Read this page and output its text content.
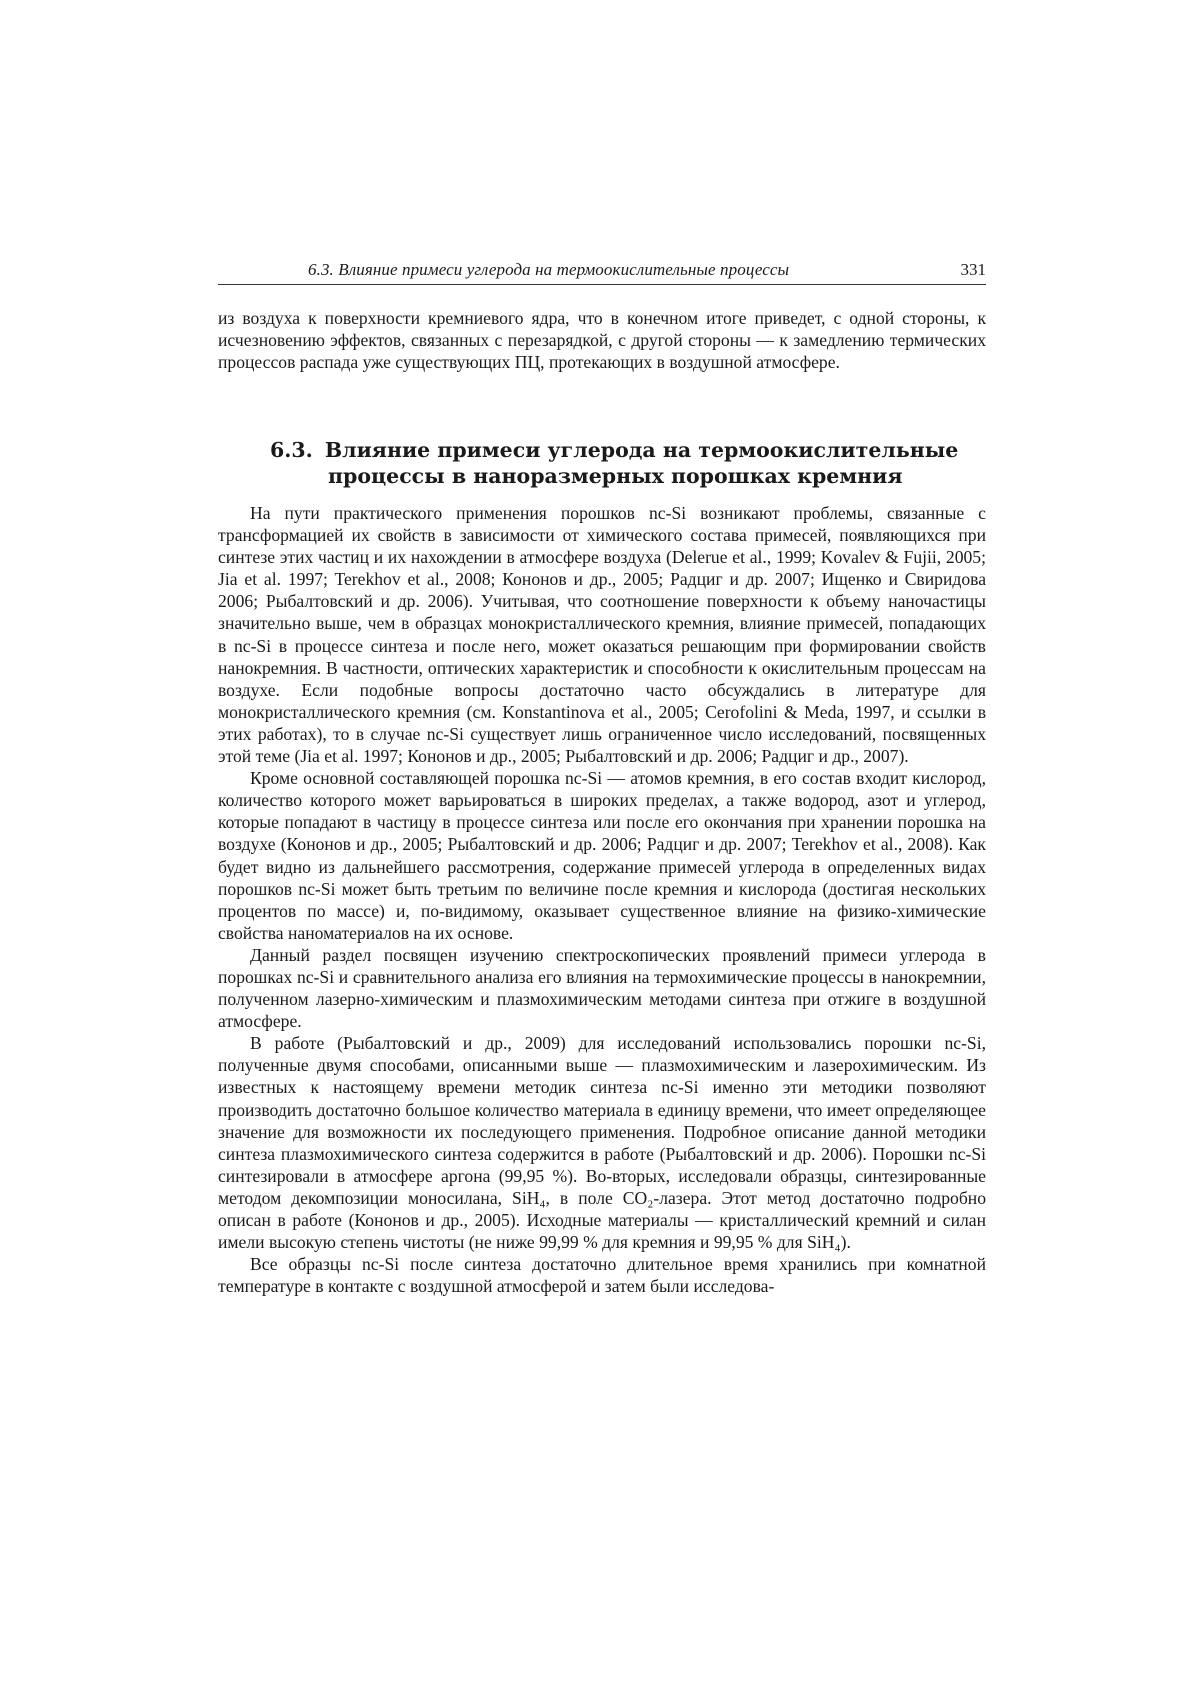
6.3. Влияние примеси углерода на термоокислительные процессы	331

из воздуха к поверхности кремниевого ядра, что в конечном итоге приведет, с одной стороны, к исчезновению эффектов, связанных с перезарядкой, с другой стороны — к замедлению термических процессов распада уже существующих ПЦ, протекающих в воздушной атмосфере.

6.3. Влияние примеси углерода на термоокислительные
процессы в наноразмерных порошках кремния

На пути практического применения порошков nc-Si возникают проблемы, связанные с трансформацией их свойств в зависимости от химического состава примесей, появляющихся при синтезе этих частиц и их нахождении в атмосфере воздуха (Delerue et al., 1999; Kovalev & Fujii, 2005; Jia et al. 1997; Terekhov et al., 2008; Кононов и др., 2005; Радциг и др. 2007; Ищенко и Свиридова 2006; Рыбалтовский и др. 2006). Учитывая, что соотношение поверхности к объему наночастицы значительно выше, чем в образцах монокристаллического кремния, влияние примесей, попадающих в nc-Si в процессе синтеза и после него, может оказаться решающим при формировании свойств нанокремния. В частности, оптических характеристик и способности к окислительным процессам на воздухе. Если подобные вопросы достаточно часто обсуждались в литературе для монокристаллического кремния (см. Konstantinova et al., 2005; Cerofolini & Meda, 1997, и ссылки в этих работах), то в случае nc-Si существует лишь ограниченное число исследований, посвященных этой теме (Jia et al. 1997; Кононов и др., 2005; Рыбалтовский и др. 2006; Радциг и др., 2007).

Кроме основной составляющей порошка nc-Si — атомов кремния, в его состав входит кислород, количество которого может варьироваться в широких пределах, а также водород, азот и углерод, которые попадают в частицу в процессе синтеза или после его окончания при хранении порошка на воздухе (Кононов и др., 2005; Рыбалтовский и др. 2006; Радциг и др. 2007; Terekhov et al., 2008). Как будет видно из дальнейшего рассмотрения, содержание примесей углерода в определенных видах порошков nc-Si может быть третьим по величине после кремния и кислорода (достигая нескольких процентов по массе) и, по-видимому, оказывает существенное влияние на физико-химические свойства наноматериалов на их основе.

Данный раздел посвящен изучению спектроскопических проявлений примеси углерода в порошках nc-Si и сравнительного анализа его влияния на термохимические процессы в нанокремнии, полученном лазерно-химическим и плазмохимическим методами синтеза при отжиге в воздушной атмосфере.

В работе (Рыбалтовский и др., 2009) для исследований использовались порошки nc-Si, полученные двумя способами, описанными выше — плазмохимическим и лазерохимическим. Из известных к настоящему времени методик синтеза nc-Si именно эти методики позволяют производить достаточно большое количество материала в единицу времени, что имеет определяющее значение для возможности их последующего применения. Подробное описание данной методики синтеза плазмохимического синтеза содержится в работе (Рыбалтовский и др. 2006). Порошки nc-Si синтезировали в атмосфере аргона (99,95 %). Во-вторых, исследовали образцы, синтезированные методом декомпозиции моносилана, SiH₄, в поле CO₂-лазера. Этот метод достаточно подробно описан в работе (Кононов и др., 2005). Исходные материалы — кристаллический кремний и силан имели высокую степень чистоты (не ниже 99,99 % для кремния и 99,95 % для SiH₄).

Все образцы nc-Si после синтеза достаточно длительное время хранились при комнатной температуре в контакте с воздушной атмосферой и затем были исследова-
